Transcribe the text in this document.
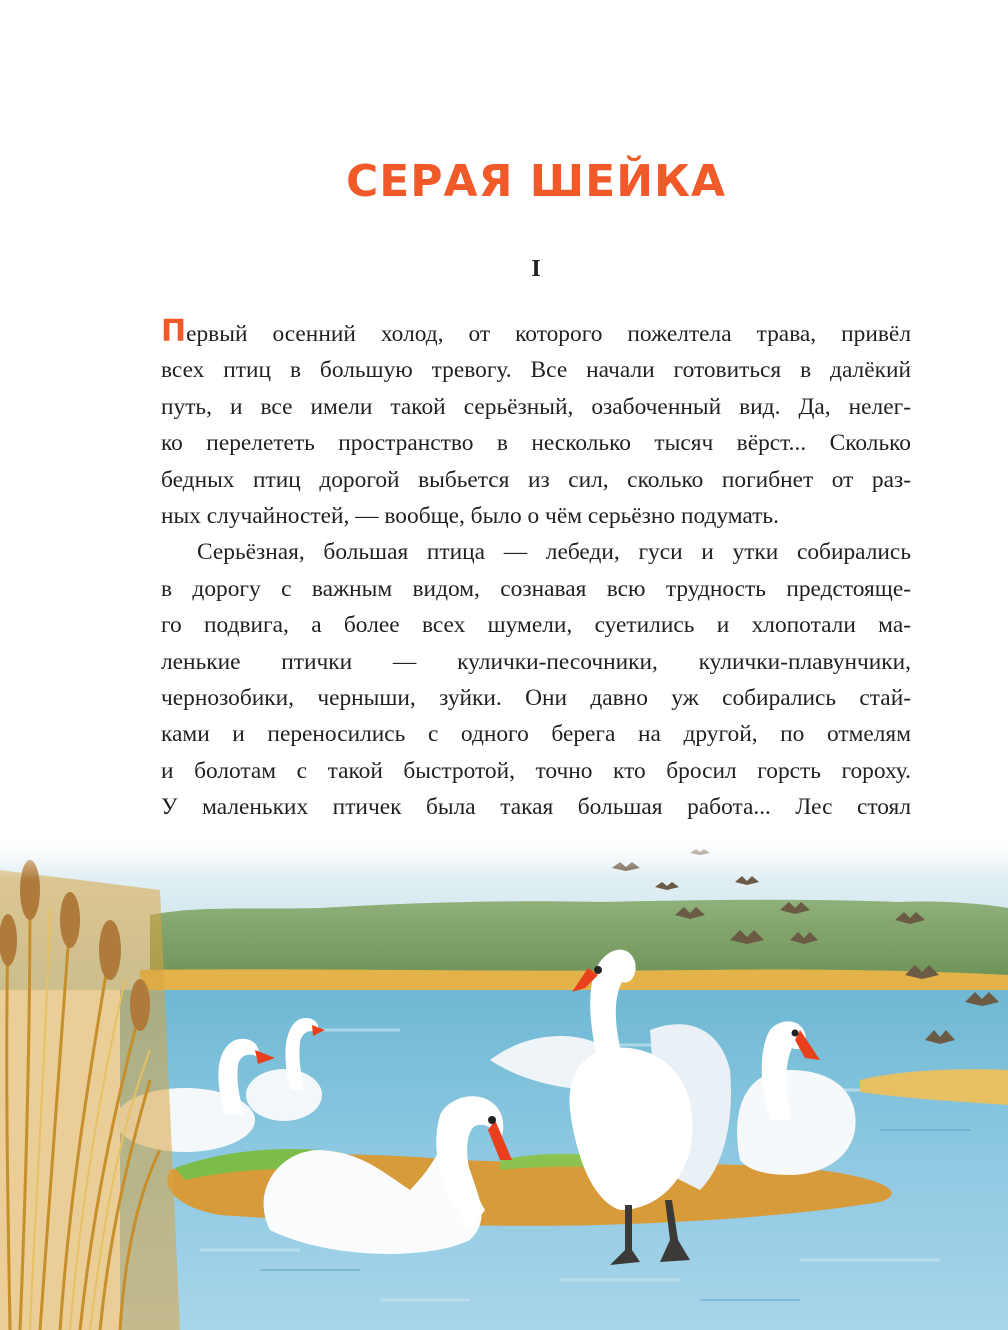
СЕРАЯ ШЕЙКА
I
Первый осенний холод, от которого пожелтела трава, привёл
всех птиц в большую тревогу. Все начали готовиться в далёкий
путь, и все имели такой серьёзный, озабоченный вид. Да, нелег-
ко перелететь пространство в несколько тысяч вёрст... Сколько
бедных птиц дорогой выбьется из сил, сколько погибнет от раз-
ных случайностей, — вообще, было о чём серьёзно подумать.
Серьёзная, большая птица — лебеди, гуси и утки собирались
в дорогу с важным видом, сознавая всю трудность предстояще-
го подвига, а более всех шумели, суетились и хлопотали ма-
ленькие птички — кулички-песочники, кулички-плавунчики,
чернозобики, черныши, зуйки. Они давно уж собирались стай-
ками и переносились с одного берега на другой, по отмелям
и болотам с такой быстротой, точно кто бросил горсть гороху.
У маленьких птичек была такая большая работа... Лес стоял
